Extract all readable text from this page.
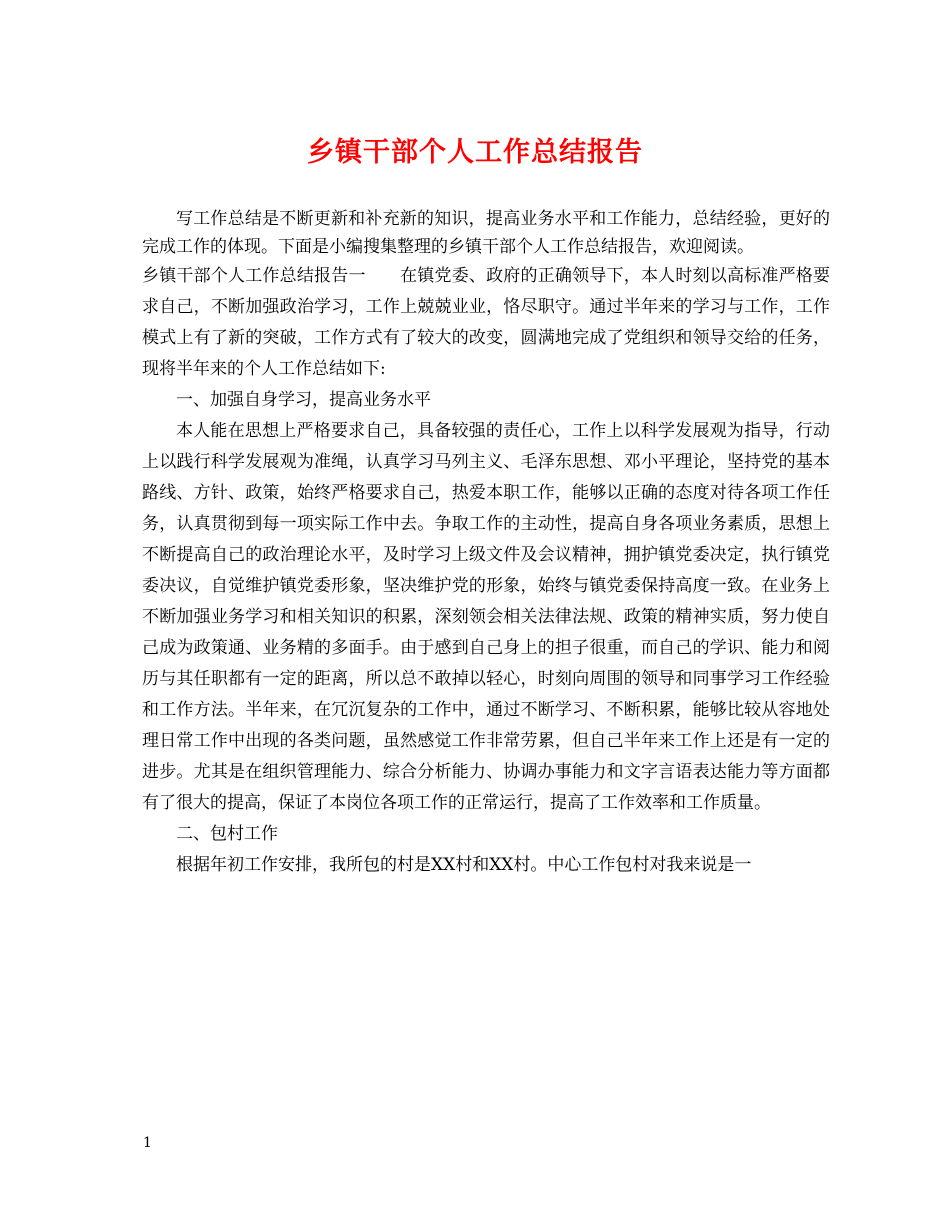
乡镇干部个人工作总结报告

写工作总结是不断更新和补充新的知识，提高业务水平和工作能力，总结经验，更好的完成工作的体现。下面是小编搜集整理的乡镇干部个人工作总结报告，欢迎阅读。

乡镇干部个人工作总结报告一　　在镇党委、政府的正确领导下，本人时刻以高标准严格要求自己，不断加强政治学习，工作上兢兢业业，恪尽职守。通过半年来的学习与工作，工作模式上有了新的突破，工作方式有了较大的改变，圆满地完成了党组织和领导交给的任务，现将半年来的个人工作总结如下:

一、加强自身学习，提高业务水平

本人能在思想上严格要求自己，具备较强的责任心，工作上以科学发展观为指导，行动上以践行科学发展观为准绳，认真学习马列主义、毛泽东思想、邓小平理论，坚持党的基本路线、方针、政策，始终严格要求自己，热爱本职工作，能够以正确的态度对待各项工作任务，认真贯彻到每一项实际工作中去。争取工作的主动性，提高自身各项业务素质，思想上不断提高自己的政治理论水平，及时学习上级文件及会议精神，拥护镇党委决定，执行镇党委决议，自觉维护镇党委形象，坚决维护党的形象，始终与镇党委保持高度一致。在业务上不断加强业务学习和相关知识的积累，深刻领会相关法律法规、政策的精神实质，努力使自己成为政策通、业务精的多面手。由于感到自己身上的担子很重，而自己的学识、能力和阅历与其任职都有一定的距离，所以总不敢掉以轻心，时刻向周围的领导和同事学习工作经验和工作方法。半年来，在冗沉复杂的工作中，通过不断学习、不断积累，能够比较从容地处理日常工作中出现的各类问题，虽然感觉工作非常劳累，但自己半年来工作上还是有一定的进步。尤其是在组织管理能力、综合分析能力、协调办事能力和文字言语表达能力等方面都有了很大的提高，保证了本岗位各项工作的正常运行，提高了工作效率和工作质量。

二、包村工作

根据年初工作安排，我所包的村是XX村和XX村。中心工作包村对我来说是一

1
